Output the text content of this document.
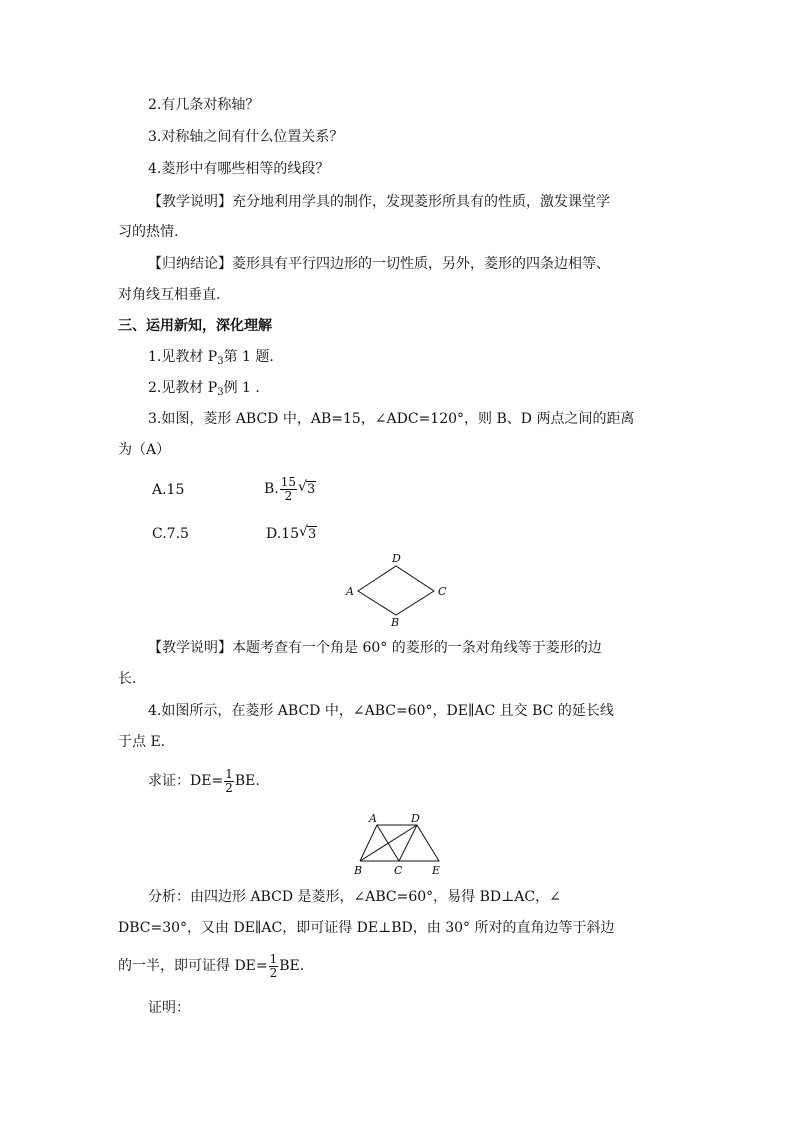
2.有几条对称轴？
3.对称轴之间有什么位置关系？
4.菱形中有哪些相等的线段？
【教学说明】充分地利用学具的制作，发现菱形所具有的性质，激发课堂学
习的热情.
【归纳结论】菱形具有平行四边形的一切性质，另外，菱形的四条边相等、
对角线互相垂直.
三、运用新知，深化理解
1.见教材 $P_3$第 1 题.
2.见教材 $P_3$例 1 .
3.如图，菱形 ABCD 中，AB=15，∠ADC=120°，则 B、D 两点之间的距离
为（A）
A.15	B. $\frac{15}{2}$ √ 3
C.7.5	D.15 √ 3
A
D
C
B
【教学说明】本题考查有一个角是 60° 的菱形的一条对角线等于菱形的边
长.
4.如图所示，在菱形 ABCD 中，∠ABC=60°，DE∥AC 且交 BC 的延长线
于点 E.
求证：$DE= \frac{1}{2}$ BE.
A	D
B	C	E
分析：由四边形 ABCD 是菱形，∠ABC=60°，易得 BD⊥AC，∠
DBC=30°，又由 DE∥AC，即可证得 DE⊥BD，由 30° 所对的直角边等于斜边
的一半，即可证得 $DE= \frac{1}{2}$ BE.
证明：
